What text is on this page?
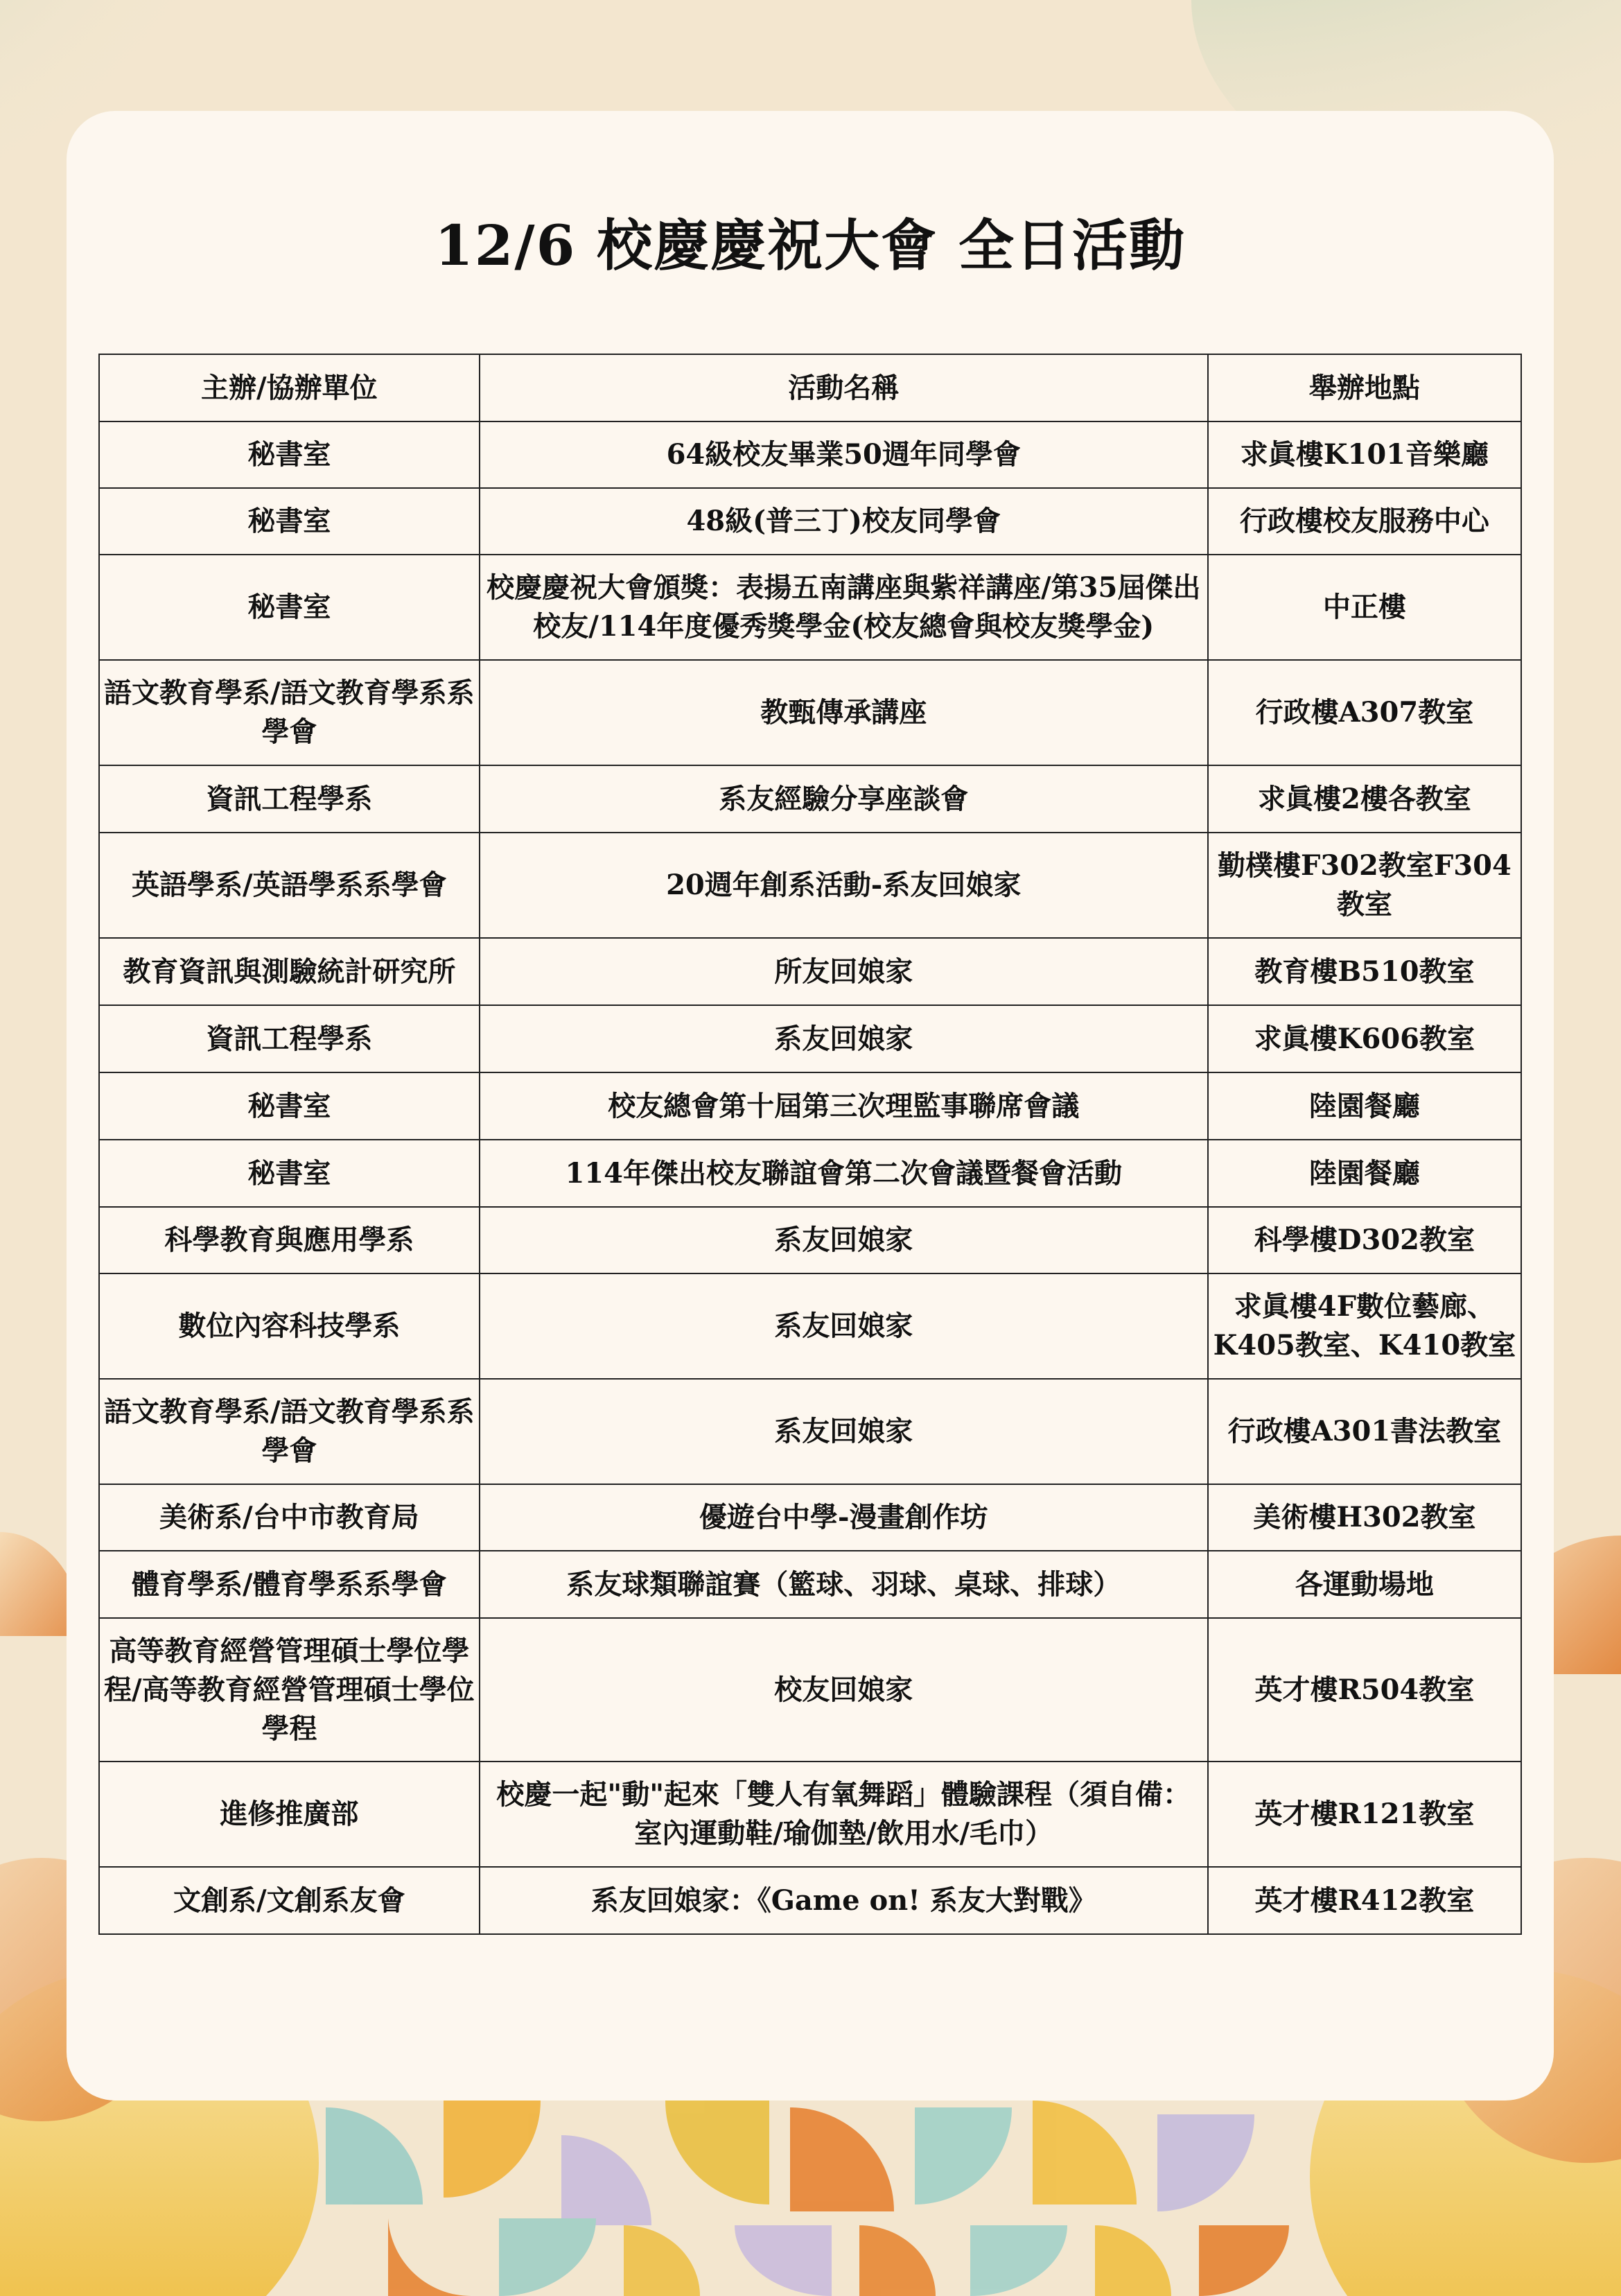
12/6 校慶慶祝大會 全日活動
主辦/協辦單位	活動名稱	舉辦地點
秘書室	64級校友畢業50週年同學會	求眞樓K101音樂廳
秘書室	48級(普三丁)校友同學會	行政樓校友服務中心
秘書室	校慶慶祝大會頒獎：表揚五南講座與紫祥講座/第35屆傑出校友/114年度優秀獎學金(校友總會與校友獎學金)	中正樓
語文教育學系/語文教育學系系學會	教甄傳承講座	行政樓A307教室
資訊工程學系	系友經驗分享座談會	求眞樓2樓各教室
英語學系/英語學系系學會	20週年創系活動-系友回娘家	勤樸樓F302教室F304教室
教育資訊與測驗統計研究所	所友回娘家	教育樓B510教室
資訊工程學系	系友回娘家	求眞樓K606教室
秘書室	校友總會第十屆第三次理監事聯席會議	陸園餐廳
秘書室	114年傑出校友聯誼會第二次會議暨餐會活動	陸園餐廳
科學教育與應用學系	系友回娘家	科學樓D302教室
數位內容科技學系	系友回娘家	求眞樓4F數位藝廊、K405教室、K410教室
語文教育學系/語文教育學系系學會	系友回娘家	行政樓A301書法教室
美術系/台中市教育局	優遊台中學-漫畫創作坊	美術樓H302教室
體育學系/體育學系系學會	系友球類聯誼賽（籃球、羽球、桌球、排球）	各運動場地
高等教育經營管理碩士學位學程/高等教育經營管理碩士學位學程	校友回娘家	英才樓R504教室
進修推廣部	校慶一起"動"起來「雙人有氧舞蹈」體驗課程（須自備：室內運動鞋/瑜伽墊/飲用水/毛巾）	英才樓R121教室
文創系/文創系友會	系友回娘家：《Game on! 系友大對戰》	英才樓R412教室
